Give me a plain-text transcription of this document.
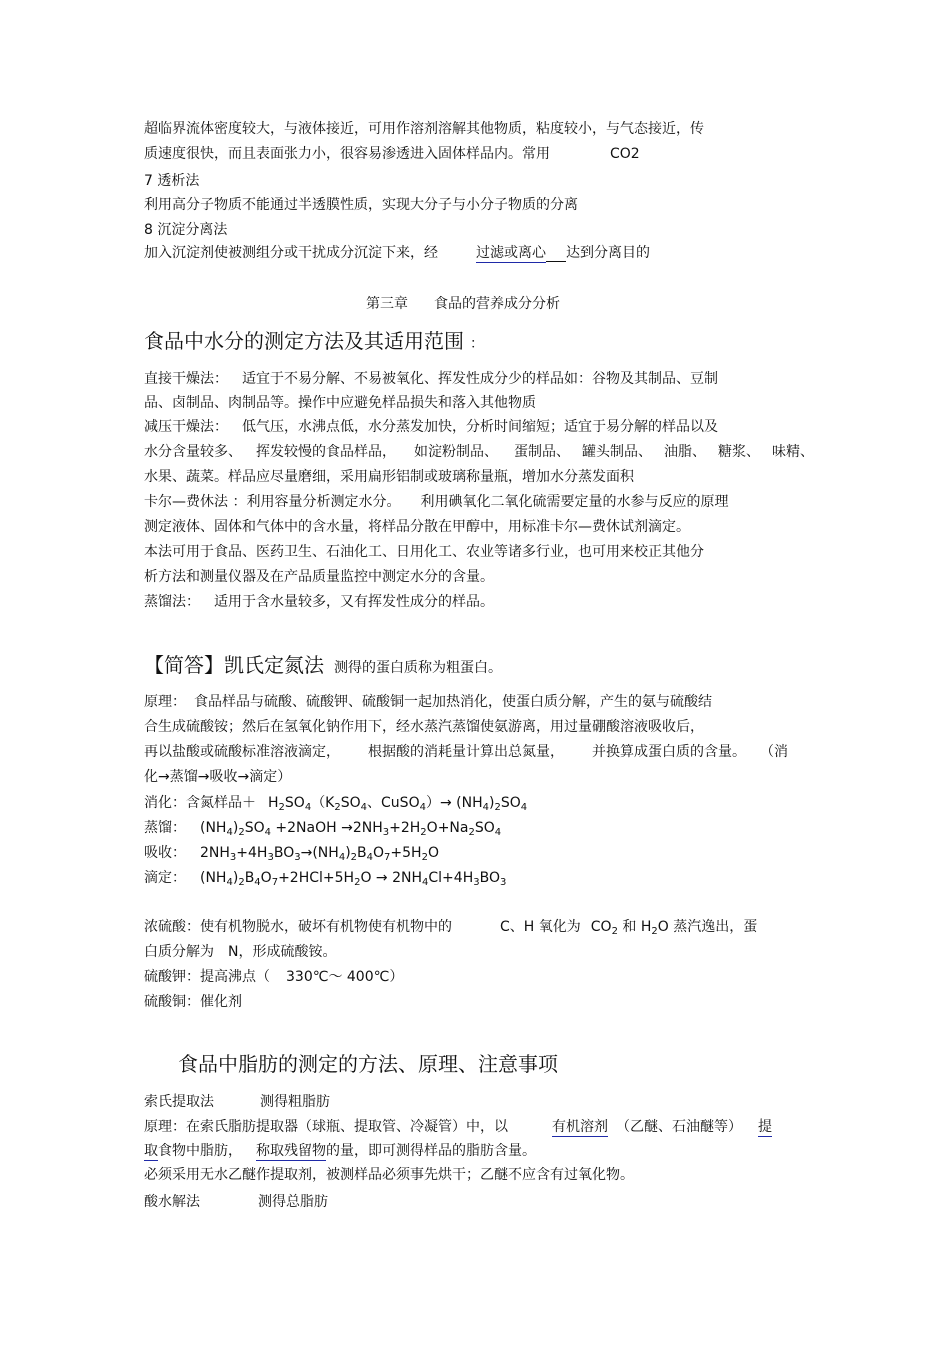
超临界流体密度较大，与液体接近，可用作溶剂溶解其他物质，粘度较小，与气态接近，传
质速度很快，而且表面张力小，很容易渗透进入固体样品内。常用	CO2
7 透析法
利用高分子物质不能通过半透膜性质，实现大分子与小分子物质的分离
8 沉淀分离法
加入沉淀剂使被测组分或干扰成分沉淀下来，经	过滤或离心 达到分离目的
第三章 食品的营养成分分析
食品中水分的测定方法及其适用范围 ：
直接干燥法： 适宜于不易分解、不易被氧化、挥发性成分少的样品如：谷物及其制品、豆制
品、卤制品、肉制品等。操作中应避免样品损失和落入其他物质
减压干燥法： 低气压，水沸点低，水分蒸发加快，分析时间缩短；适宜于易分解的样品以及
水分含量较多、 挥发较慢的食品样品， 如淀粉制品、 蛋制品、 罐头制品、 油脂、 糖浆、 味精、
水果、蔬菜。样品应尽量磨细，采用扁形铝制或玻璃称量瓶，增加水分蒸发面积
卡尔—费休法 ：利用容量分析测定水分。 利用碘氧化二氧化硫需要定量的水参与反应的原理
测定液体、固体和气体中的含水量，将样品分散在甲醇中，用标准卡尔—费休试剂滴定。
本法可用于食品、医药卫生、石油化工、日用化工、农业等诸多行业，也可用来校正其他分
析方法和测量仪器及在产品质量监控中测定水分的含量。
蒸馏法： 适用于含水量较多，又有挥发性成分的样品。
【简答】凯氏定氮法 测得的蛋白质称为粗蛋白。
原理： 食品样品与硫酸、硫酸钾、硫酸铜一起加热消化，使蛋白质分解，产生的氨与硫酸结
合生成硫酸铵；然后在氢氧化钠作用下，经水蒸汽蒸馏使氨游离，用过量硼酸溶液吸收后，
再以盐酸或硫酸标准溶液滴定， 根据酸的消耗量计算出总氮量， 并换算成蛋白质的含量。 （消
化→蒸馏→吸收→滴定）
消化：含氮样品＋ $H_2SO_4(K_2SO_4$、CuSO$_4$）→ $(NH_4)_2SO_4$
蒸馏： $(NH_4)_2SO_4$ +2NaOH $\to 2NH_3+2H_2O+Na_2SO_4$
吸收： $2NH_3+4H_3BO_3\to(NH_4)_2B_4O_7+5H_2O$
滴定： $(NH_4)_2B_4O_7+2HCl+5H_2O \to 2NH_4Cl+4H_3BO_3$
浓硫酸：使有机物脱水，破坏有机物使有机物中的	C、H 氧化为 $CO_2$ 和 $H_2O$ 蒸汽逸出，蛋
白质分解为　N，形成硫酸铵。
硫酸钾：提高沸点（ 330℃～ 400℃）
硫酸铜：催化剂
食品中脂肪的测定的方法、原理、注意事项
索氏提取法	测得粗脂肪
原理：在索氏脂肪提取器（球瓶、提取管、冷凝管）中，以	有机溶剂 （乙醚、石油醚等） 提
取食物中脂肪， 称取残留物的量，即可测得样品的脂肪含量。
必须采用无水乙醚作提取剂，被测样品必须事先烘干；乙醚不应含有过氧化物。
酸水解法	测得总脂肪
